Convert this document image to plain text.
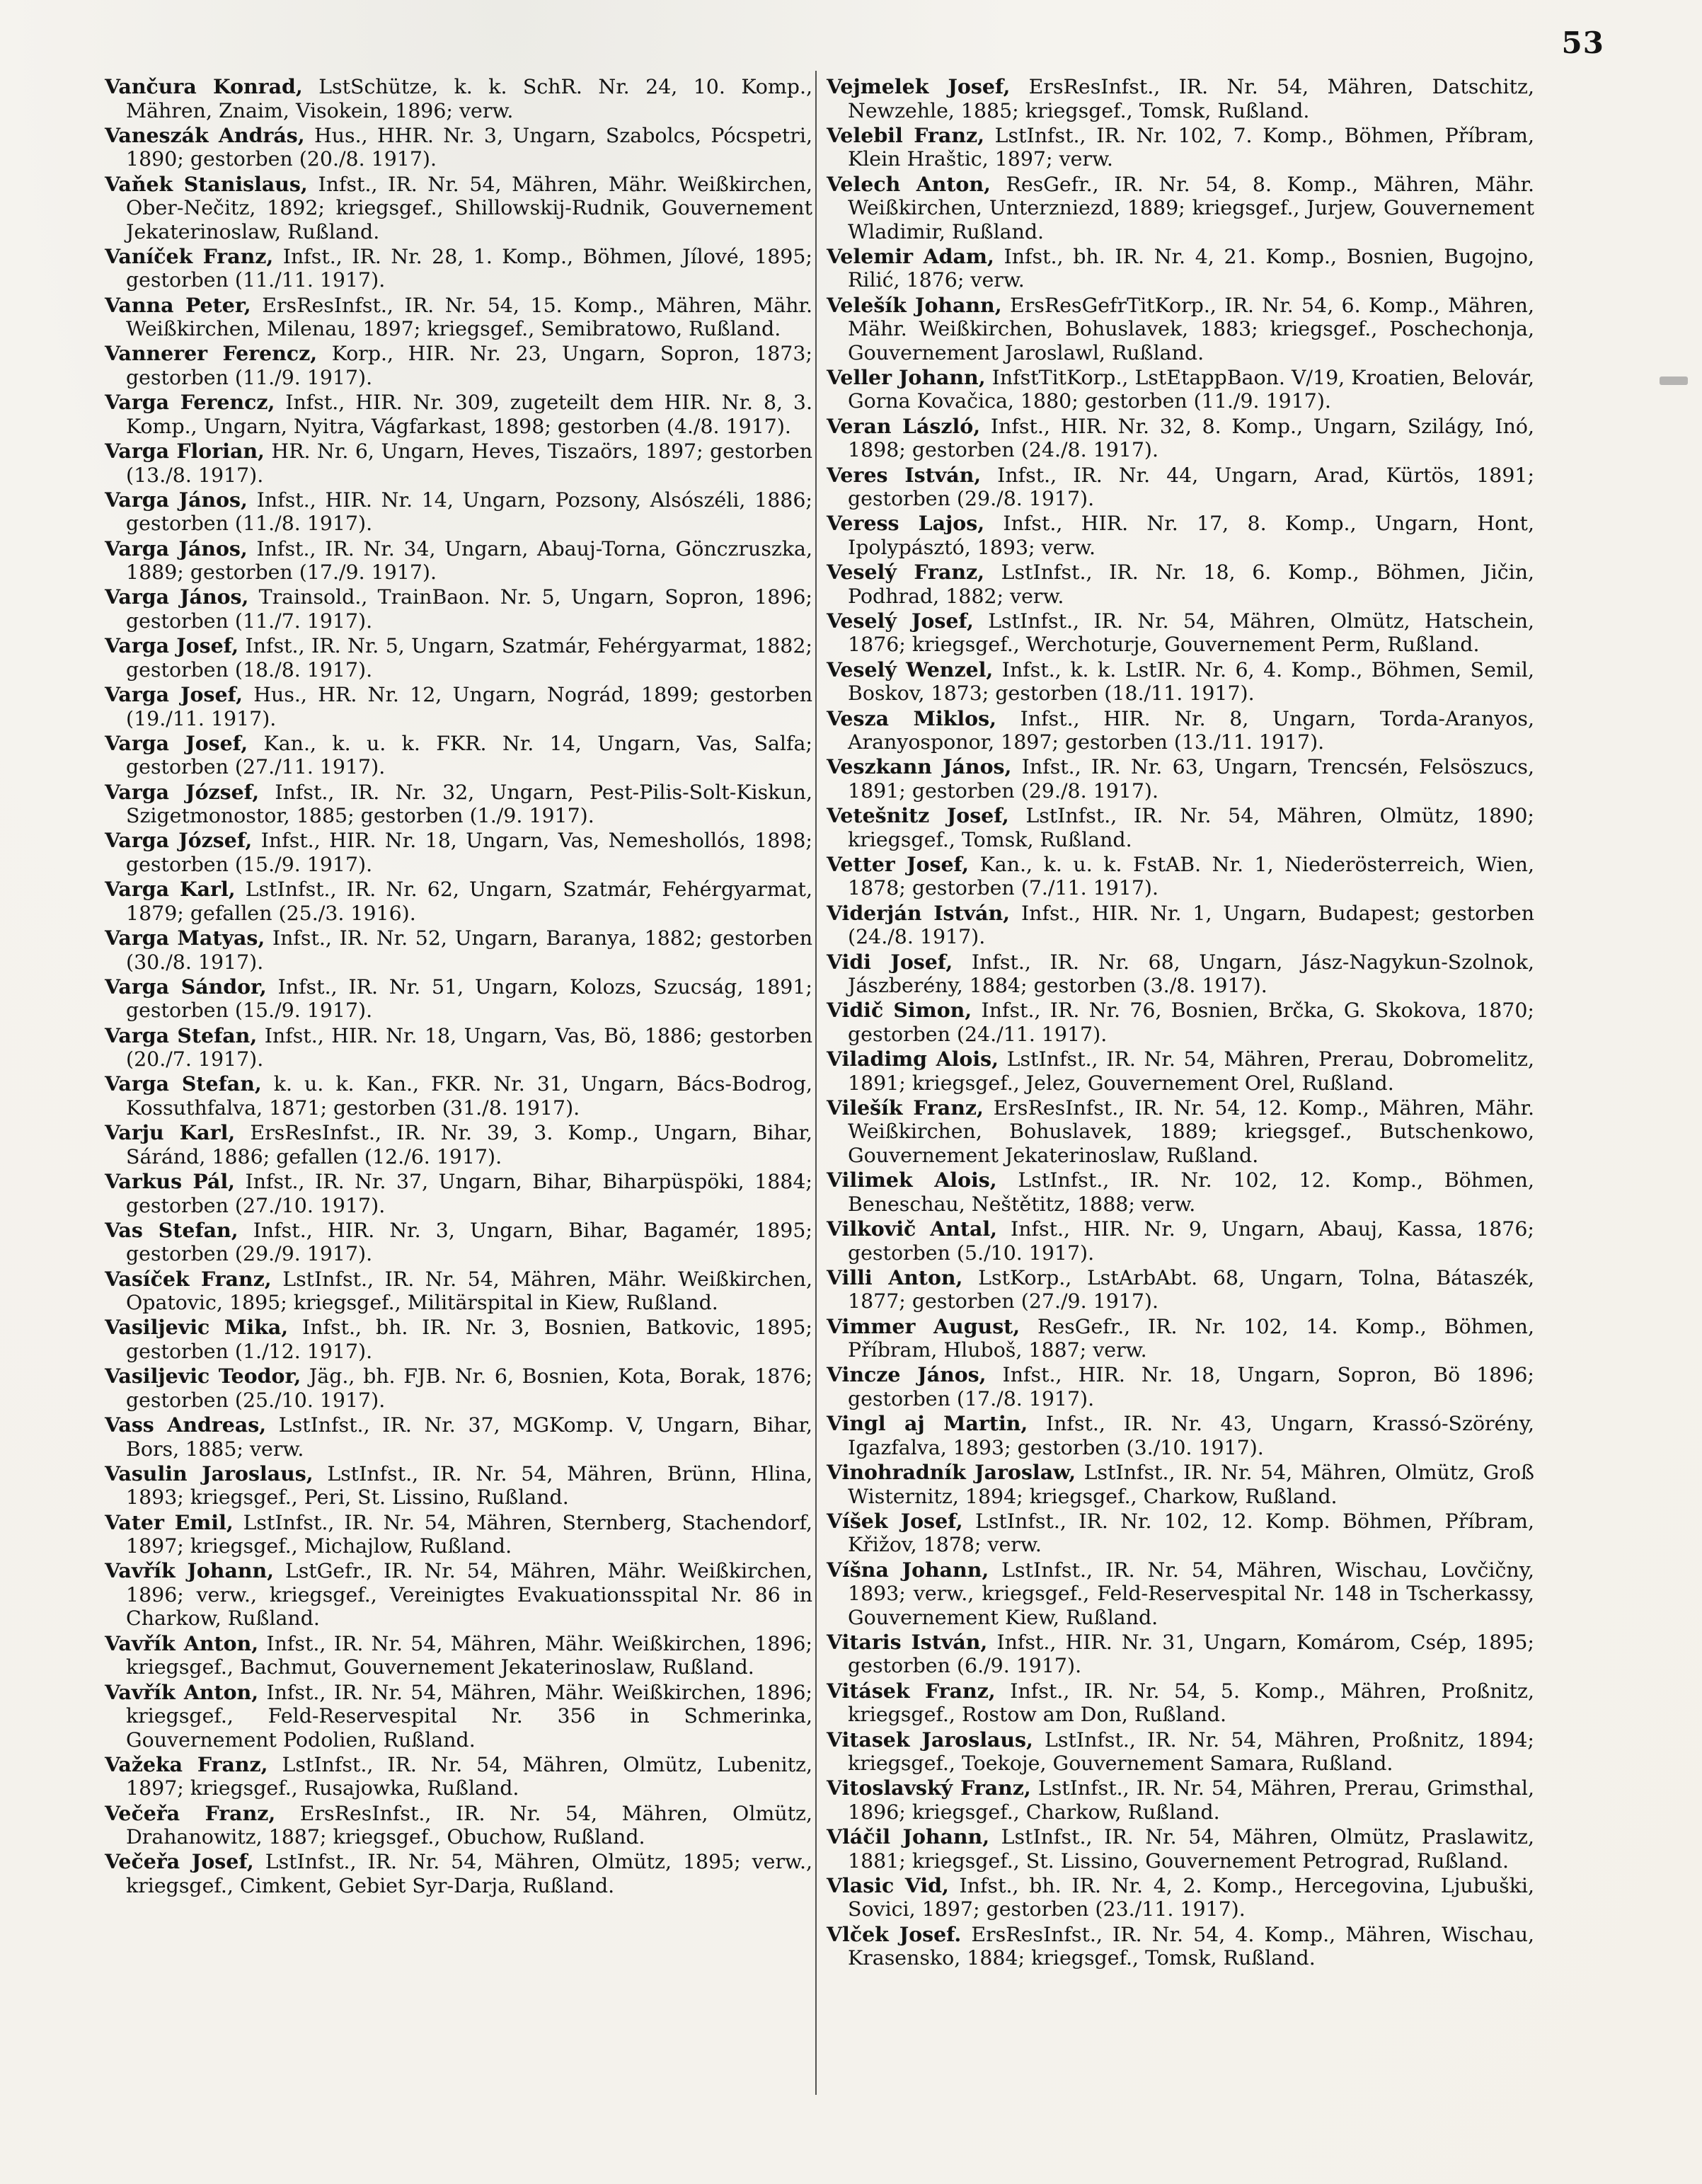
53

Vančura Konrad, LstSchütze, k. k. SchR. Nr. 24, 10. Komp., Mähren, Znaim, Visokein, 1896; verw.

Vaneszák András, Hus., HHR. Nr. 3, Ungarn, Szabolcs, Pócspetri, 1890; gestorben (20./8. 1917).

Vaňek Stanislaus, Infst., IR. Nr. 54, Mähren, Mähr. Weißkirchen, Ober-Nečitz, 1892; kriegsgef., Shillowskij-Rudnik, Gouvernement Jekaterinoslaw, Rußland.

Vaníček Franz, Infst., IR. Nr. 28, 1. Komp., Böhmen, Jílové, 1895; gestorben (11./11. 1917).

Vanna Peter, ErsResInfst., IR. Nr. 54, 15. Komp., Mähren, Mähr. Weißkirchen, Milenau, 1897; kriegsgef., Semibratowo, Rußland.

Vannerer Ferencz, Korp., HIR. Nr. 23, Ungarn, Sopron, 1873; gestorben (11./9. 1917).

Varga Ferencz, Infst., HIR. Nr. 309, zugeteilt dem HIR. Nr. 8, 3. Komp., Ungarn, Nyitra, Vágfarkast, 1898; gestorben (4./8. 1917).

Varga Florian, HR. Nr. 6, Ungarn, Heves, Tiszaörs, 1897; gestorben (13./8. 1917).

Varga János, Infst., HIR. Nr. 14, Ungarn, Pozsony, Alsószéli, 1886; gestorben (11./8. 1917).

Varga János, Infst., IR. Nr. 34, Ungarn, Abauj-Torna, Gönczruszka, 1889; gestorben (17./9. 1917).

Varga János, Trainsold., TrainBaon. Nr. 5, Ungarn, Sopron, 1896; gestorben (11./7. 1917).

Varga Josef, Infst., IR. Nr. 5, Ungarn, Szatmár, Fehérgyarmat, 1882; gestorben (18./8. 1917).

Varga Josef, Hus., HR. Nr. 12, Ungarn, Nográd, 1899; gestorben (19./11. 1917).

Varga Josef, Kan., k. u. k. FKR. Nr. 14, Ungarn, Vas, Salfa; gestorben (27./11. 1917).

Varga József, Infst., IR. Nr. 32, Ungarn, Pest-Pilis-Solt-Kiskun, Szigetmonostor, 1885; gestorben (1./9. 1917).

Varga József, Infst., HIR. Nr. 18, Ungarn, Vas, Nemeshollós, 1898; gestorben (15./9. 1917).

Varga Karl, LstInfst., IR. Nr. 62, Ungarn, Szatmár, Fehérgyarmat, 1879; gefallen (25./3. 1916).

Varga Matyas, Infst., IR. Nr. 52, Ungarn, Baranya, 1882; gestorben (30./8. 1917).

Varga Sándor, Infst., IR. Nr. 51, Ungarn, Kolozs, Szucság, 1891; gestorben (15./9. 1917).

Varga Stefan, Infst., HIR. Nr. 18, Ungarn, Vas, Bö, 1886; gestorben (20./7. 1917).

Varga Stefan, k. u. k. Kan., FKR. Nr. 31, Ungarn, Bács-Bodrog, Kossuthfalva, 1871; gestorben (31./8. 1917).

Varju Karl, ErsResInfst., IR. Nr. 39, 3. Komp., Ungarn, Bihar, Sáránd, 1886; gefallen (12./6. 1917).

Varkus Pál, Infst., IR. Nr. 37, Ungarn, Bihar, Biharpüspöki, 1884; gestorben (27./10. 1917).

Vas Stefan, Infst., HIR. Nr. 3, Ungarn, Bihar, Bagamér, 1895; gestorben (29./9. 1917).

Vasíček Franz, LstInfst., IR. Nr. 54, Mähren, Mähr. Weißkirchen, Opatovic, 1895; kriegsgef., Militärspital in Kiew, Rußland.

Vasiljevic Mika, Infst., bh. IR. Nr. 3, Bosnien, Batkovic, 1895; gestorben (1./12. 1917).

Vasiljevic Teodor, Jäg., bh. FJB. Nr. 6, Bosnien, Kota, Borak, 1876; gestorben (25./10. 1917).

Vass Andreas, LstInfst., IR. Nr. 37, MGKomp. V, Ungarn, Bihar, Bors, 1885; verw.

Vasulin Jaroslaus, LstInfst., IR. Nr. 54, Mähren, Brünn, Hlina, 1893; kriegsgef., Peri, St. Lissino, Rußland.

Vater Emil, LstInfst., IR. Nr. 54, Mähren, Sternberg, Stachendorf, 1897; kriegsgef., Michajlow, Rußland.

Vavřík Johann, LstGefr., IR. Nr. 54, Mähren, Mähr. Weißkirchen, 1896; verw., kriegsgef., Vereinigtes Evakuationsspital Nr. 86 in Charkow, Rußland.

Vavřík Anton, Infst., IR. Nr. 54, Mähren, Mähr. Weißkirchen, 1896; kriegsgef., Bachmut, Gouvernement Jekaterinoslaw, Rußland.

Vavřík Anton, Infst., IR. Nr. 54, Mähren, Mähr. Weißkirchen, 1896; kriegsgef., Feld-Reservespital Nr. 356 in Schmerinka, Gouvernement Podolien, Rußland.

Važeka Franz, LstInfst., IR. Nr. 54, Mähren, Olmütz, Lubenitz, 1897; kriegsgef., Rusajowka, Rußland.

Večeřa Franz, ErsResInfst., IR. Nr. 54, Mähren, Olmütz, Drahanowitz, 1887; kriegsgef., Obuchow, Rußland.

Večeřa Josef, LstInfst., IR. Nr. 54, Mähren, Olmütz, 1895; verw., kriegsgef., Cimkent, Gebiet Syr-Darja, Rußland.

Vejmelek Josef, ErsResInfst., IR. Nr. 54, Mähren, Datschitz, Newzehle, 1885; kriegsgef., Tomsk, Rußland.

Velebil Franz, LstInfst., IR. Nr. 102, 7. Komp., Böhmen, Příbram, Klein Hraštic, 1897; verw.

Velech Anton, ResGefr., IR. Nr. 54, 8. Komp., Mähren, Mähr. Weißkirchen, Unterzniezd, 1889; kriegsgef., Jurjew, Gouvernement Wladimir, Rußland.

Velemir Adam, Infst., bh. IR. Nr. 4, 21. Komp., Bosnien, Bugojno, Rilić, 1876; verw.

Velešík Johann, ErsResGefrTitKorp., IR. Nr. 54, 6. Komp., Mähren, Mähr. Weißkirchen, Bohuslavek, 1883; kriegsgef., Poschechonja, Gouvernement Jaroslawl, Rußland.

Veller Johann, InfstTitKorp., LstEtappBaon. V/19, Kroatien, Belovár, Gorna Kovačica, 1880; gestorben (11./9. 1917).

Veran László, Infst., HIR. Nr. 32, 8. Komp., Ungarn, Szilágy, Inó, 1898; gestorben (24./8. 1917).

Veres István, Infst., IR. Nr. 44, Ungarn, Arad, Kürtös, 1891; gestorben (29./8. 1917).

Veress Lajos, Infst., HIR. Nr. 17, 8. Komp., Ungarn, Hont, Ipolypásztó, 1893; verw.

Veselý Franz, LstInfst., IR. Nr. 18, 6. Komp., Böhmen, Jičin, Podhrad, 1882; verw.

Veselý Josef, LstInfst., IR. Nr. 54, Mähren, Olmütz, Hatschein, 1876; kriegsgef., Werchoturje, Gouvernement Perm, Rußland.

Veselý Wenzel, Infst., k. k. LstIR. Nr. 6, 4. Komp., Böhmen, Semil, Boskov, 1873; gestorben (18./11. 1917).

Vesza Miklos, Infst., HIR. Nr. 8, Ungarn, Torda-Aranyos, Aranyosponor, 1897; gestorben (13./11. 1917).

Veszkann János, Infst., IR. Nr. 63, Ungarn, Trencsén, Felsöszucs, 1891; gestorben (29./8. 1917).

Vetešnitz Josef, LstInfst., IR. Nr. 54, Mähren, Olmütz, 1890; kriegsgef., Tomsk, Rußland.

Vetter Josef, Kan., k. u. k. FstAB. Nr. 1, Niederösterreich, Wien, 1878; gestorben (7./11. 1917).

Viderján István, Infst., HIR. Nr. 1, Ungarn, Budapest; gestorben (24./8. 1917).

Vidi Josef, Infst., IR. Nr. 68, Ungarn, Jász-Nagykun-Szolnok, Jászberény, 1884; gestorben (3./8. 1917).

Vidič Simon, Infst., IR. Nr. 76, Bosnien, Brčka, G. Skokova, 1870; gestorben (24./11. 1917).

Viladimg Alois, LstInfst., IR. Nr. 54, Mähren, Prerau, Dobromelitz, 1891; kriegsgef., Jelez, Gouvernement Orel, Rußland.

Vilešík Franz, ErsResInfst., IR. Nr. 54, 12. Komp., Mähren, Mähr. Weißkirchen, Bohuslavek, 1889; kriegsgef., Butschenkowo, Gouvernement Jekaterinoslaw, Rußland.

Vilimek Alois, LstInfst., IR. Nr. 102, 12. Komp., Böhmen, Beneschau, Neštětitz, 1888; verw.

Vilkovič Antal, Infst., HIR. Nr. 9, Ungarn, Abauj, Kassa, 1876; gestorben (5./10. 1917).

Villi Anton, LstKorp., LstArbAbt. 68, Ungarn, Tolna, Bátaszék, 1877; gestorben (27./9. 1917).

Vimmer August, ResGefr., IR. Nr. 102, 14. Komp., Böhmen, Příbram, Hluboš, 1887; verw.

Vincze János, Infst., HIR. Nr. 18, Ungarn, Sopron, Bö 1896; gestorben (17./8. 1917).

Vingl aj Martin, Infst., IR. Nr. 43, Ungarn, Krassó-Szörény, Igazfalva, 1893; gestorben (3./10. 1917).

Vinohradník Jaroslaw, LstInfst., IR. Nr. 54, Mähren, Olmütz, Groß Wisternitz, 1894; kriegsgef., Charkow, Rußland.

Víšek Josef, LstInfst., IR. Nr. 102, 12. Komp. Böhmen, Příbram, Křižov, 1878; verw.

Víšna Johann, LstInfst., IR. Nr. 54, Mähren, Wischau, Lovčičny, 1893; verw., kriegsgef., Feld-Reservespital Nr. 148 in Tscherkassy, Gouvernement Kiew, Rußland.

Vitaris István, Infst., HIR. Nr. 31, Ungarn, Komárom, Csép, 1895; gestorben (6./9. 1917).

Vitásek Franz, Infst., IR. Nr. 54, 5. Komp., Mähren, Proßnitz, kriegsgef., Rostow am Don, Rußland.

Vitasek Jaroslaus, LstInfst., IR. Nr. 54, Mähren, Proßnitz, 1894; kriegsgef., Toekoje, Gouvernement Samara, Rußland.

Vitoslavský Franz, LstInfst., IR. Nr. 54, Mähren, Prerau, Grimsthal, 1896; kriegsgef., Charkow, Rußland.

Vláčil Johann, LstInfst., IR. Nr. 54, Mähren, Olmütz, Praslawitz, 1881; kriegsgef., St. Lissino, Gouvernement Petrograd, Rußland.

Vlasic Vid, Infst., bh. IR. Nr. 4, 2. Komp., Hercegovina, Ljubuški, Sovici, 1897; gestorben (23./11. 1917).

Vlček Josef. ErsResInfst., IR. Nr. 54, 4. Komp., Mähren, Wischau, Krasensko, 1884; kriegsgef., Tomsk, Rußland.
